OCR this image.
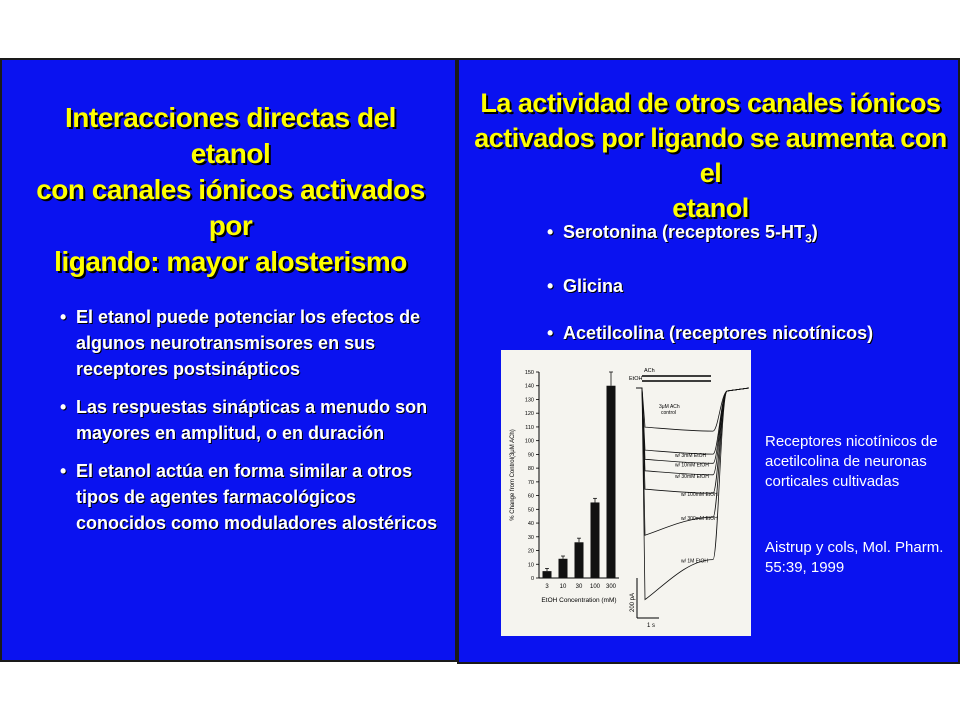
Interacciones directas del etanol
con canales iónicos activados por
ligando: mayor alosterismo
• El etanol puede potenciar los efectos de algunos neurotransmisores en sus receptores postsinápticos
• Las respuestas sinápticas a menudo son mayores en amplitud, o en duración
• El etanol actúa en forma similar a otros tipos de agentes farmacológicos conocidos como moduladores alostéricos
La actividad de otros canales iónicos
activados por ligando se aumenta con el
etanol
• Serotonina (receptores $5-HT_3$)
• Glicina
• Acetilcolina (receptores nicotínicos)
0
10
20
30
40
50
60
70
80
90
100
110
120
130
140
150
3 10 30 100 300
% Change from Control(3μM ACh)
EtOH Concentration (mM)
ACh
EtOH
w/ 3mM EtOH
w/ 10mM EtOH
w/ 30mM EtOH
w/ 100mM EtOH
w/ 300mM EtOH
w/ 1M EtOH
3μM ACh control
200 pA
1 s
Receptores nicotínicos de acetilcolina de neuronas corticales cultivadas
Aistrup y cols, Mol. Pharm. 55:39, 1999
